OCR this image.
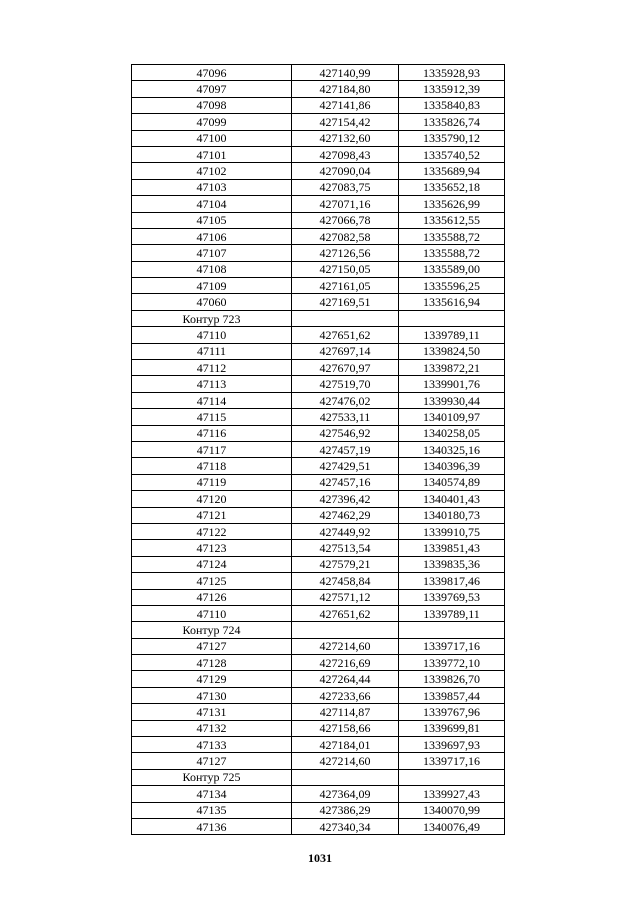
47096	427140,99	1335928,93
47097	427184,80	1335912,39
47098	427141,86	1335840,83
47099	427154,42	1335826,74
47100	427132,60	1335790,12
47101	427098,43	1335740,52
47102	427090,04	1335689,94
47103	427083,75	1335652,18
47104	427071,16	1335626,99
47105	427066,78	1335612,55
47106	427082,58	1335588,72
47107	427126,56	1335588,72
47108	427150,05	1335589,00
47109	427161,05	1335596,25
47060	427169,51	1335616,94
Контур 723		
47110	427651,62	1339789,11
47111	427697,14	1339824,50
47112	427670,97	1339872,21
47113	427519,70	1339901,76
47114	427476,02	1339930,44
47115	427533,11	1340109,97
47116	427546,92	1340258,05
47117	427457,19	1340325,16
47118	427429,51	1340396,39
47119	427457,16	1340574,89
47120	427396,42	1340401,43
47121	427462,29	1340180,73
47122	427449,92	1339910,75
47123	427513,54	1339851,43
47124	427579,21	1339835,36
47125	427458,84	1339817,46
47126	427571,12	1339769,53
47110	427651,62	1339789,11
Контур 724		
47127	427214,60	1339717,16
47128	427216,69	1339772,10
47129	427264,44	1339826,70
47130	427233,66	1339857,44
47131	427114,87	1339767,96
47132	427158,66	1339699,81
47133	427184,01	1339697,93
47127	427214,60	1339717,16
Контур 725		
47134	427364,09	1339927,43
47135	427386,29	1340070,99
47136	427340,34	1340076,49
1031
